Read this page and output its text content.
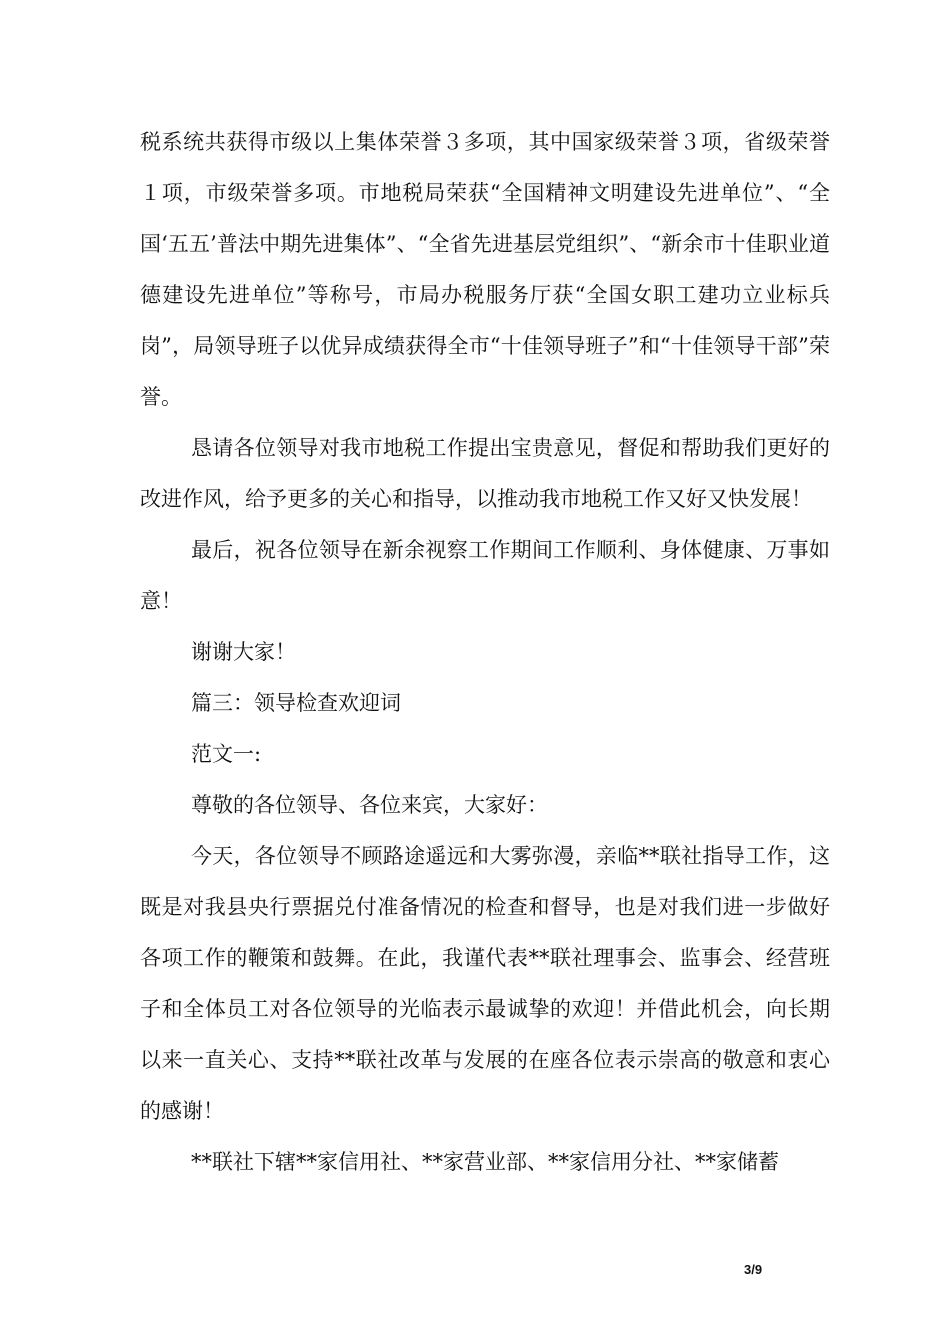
税系统共获得市级以上集体荣誉３多项，其中国家级荣誉３项，省级荣誉１项，市级荣誉多项。市地税局荣获“全国精神文明建设先进单位”、“全国‘五五’普法中期先进集体”、“全省先进基层党组织”、“新余市十佳职业道德建设先进单位”等称号，市局办税服务厅获“全国女职工建功立业标兵岗”，局领导班子以优异成绩获得全市“十佳领导班子”和“十佳领导干部”荣誉。

恳请各位领导对我市地税工作提出宝贵意见，督促和帮助我们更好的改进作风，给予更多的关心和指导，以推动我市地税工作又好又快发展！

最后，祝各位领导在新余视察工作期间工作顺利、身体健康、万事如意！

谢谢大家！

篇三：领导检查欢迎词

范文一:

尊敬的各位领导、各位来宾，大家好：

今天，各位领导不顾路途遥远和大雾弥漫，亲临**联社指导工作，这既是对我县央行票据兑付准备情况的检查和督导，也是对我们进一步做好各项工作的鞭策和鼓舞。在此，我谨代表**联社理事会、监事会、经营班子和全体员工对各位领导的光临表示最诚挚的欢迎！并借此机会，向长期以来一直关心、支持**联社改革与发展的在座各位表示崇高的敬意和衷心的感谢！

**联社下辖**家信用社、**家营业部、**家信用分社、**家储蓄

3/9
